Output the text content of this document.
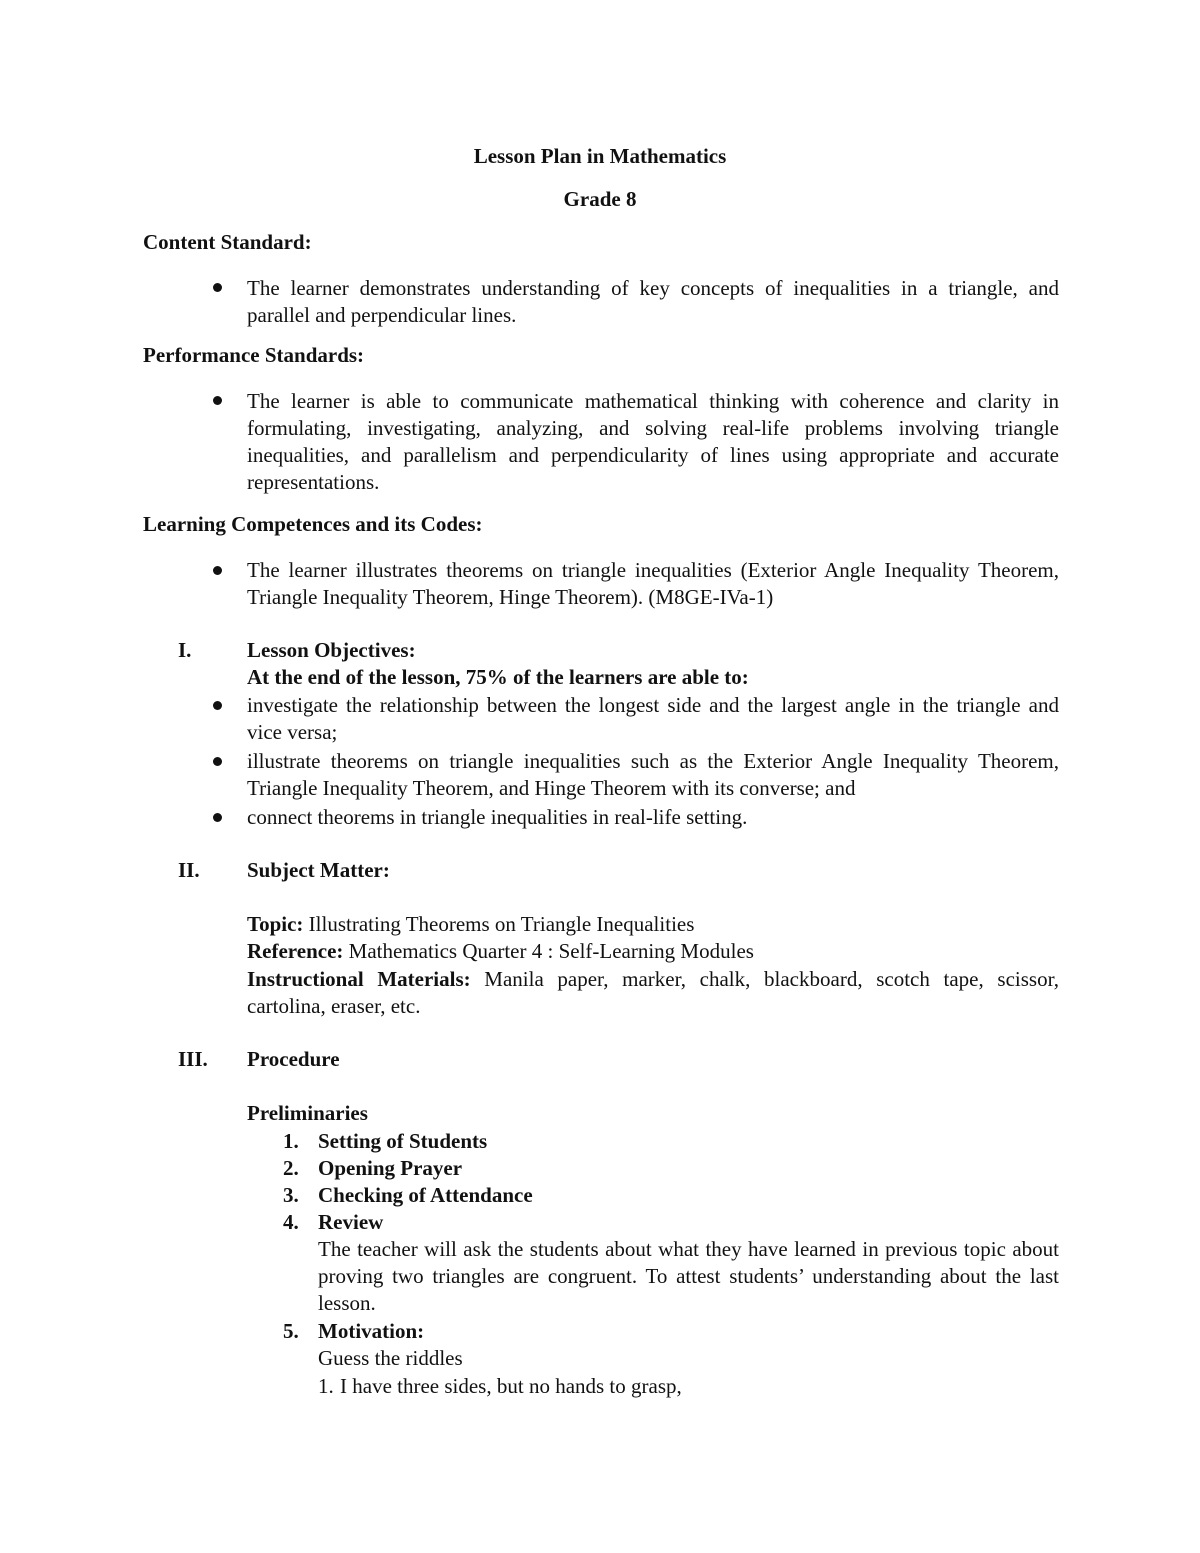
Lesson Plan in Mathematics
Grade 8
Content Standard:
The learner demonstrates understanding of key concepts of inequalities in a triangle, and parallel and perpendicular lines.
Performance Standards:
The learner is able to communicate mathematical thinking with coherence and clarity in formulating, investigating, analyzing, and solving real-life problems involving triangle inequalities, and parallelism and perpendicularity of lines using appropriate and accurate representations.
Learning Competences and its Codes:
The learner illustrates theorems on triangle inequalities (Exterior Angle Inequality Theorem, Triangle Inequality Theorem, Hinge Theorem). (M8GE-IVa-1)
I.	Lesson Objectives:
At the end of the lesson, 75% of the learners are able to:
investigate the relationship between the longest side and the largest angle in the triangle and vice versa;
illustrate theorems on triangle inequalities such as the Exterior Angle Inequality Theorem, Triangle Inequality Theorem, and Hinge Theorem with its converse; and
connect theorems in triangle inequalities in real-life setting.
II. Subject Matter:
Topic: Illustrating Theorems on Triangle Inequalities
Reference: Mathematics Quarter 4 : Self-Learning Modules
Instructional Materials: Manila paper, marker, chalk, blackboard, scotch tape, scissor, cartolina, eraser, etc.
III. Procedure
Preliminaries
1. Setting of Students
2. Opening Prayer
3. Checking of Attendance
4. Review
The teacher will ask the students about what they have learned in previous topic about proving two triangles are congruent. To attest students’ understanding about the last lesson.
5. Motivation:
Guess the riddles
1. I have three sides, but no hands to grasp,
